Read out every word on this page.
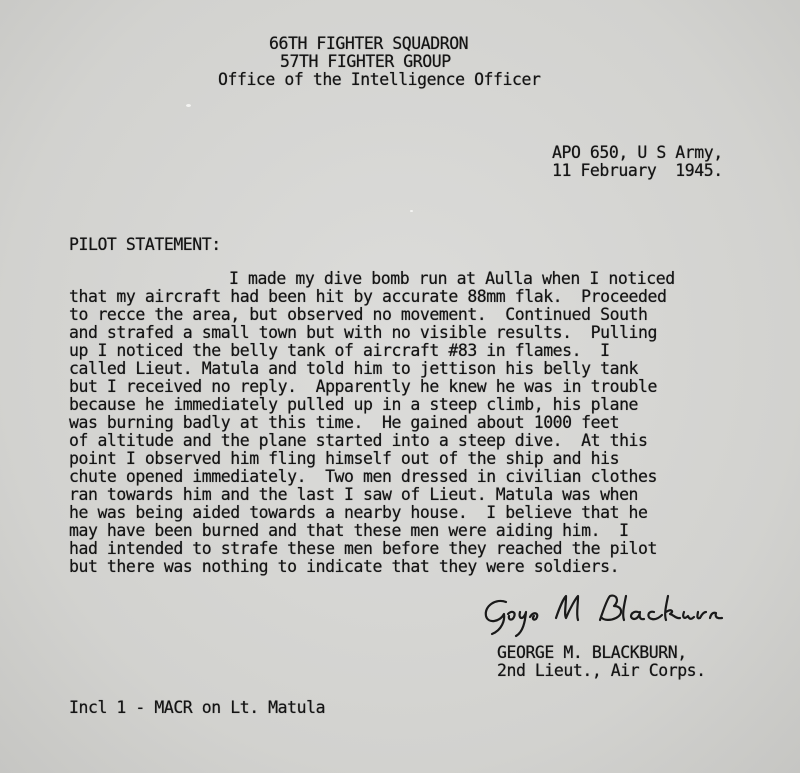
66TH FIGHTER SQUADRON
57TH FIGHTER GROUP
Office of the Intelligence Officer
APO 650, U S Army,
11 February  1945.
PILOT STATEMENT:
I made my dive bomb run at Aulla when I noticed
that my aircraft had been hit by accurate 88mm flak.  Proceeded
to recce the area, but observed no movement.  Continued South
and strafed a small town but with no visible results.  Pulling
up I noticed the belly tank of aircraft #83 in flames.  I
called Lieut. Matula and told him to jettison his belly tank
but I received no reply.  Apparently he knew he was in trouble
because he immediately pulled up in a steep climb, his plane
was burning badly at this time.  He gained about 1000 feet
of altitude and the plane started into a steep dive.  At this
point I observed him fling himself out of the ship and his
chute opened immediately.  Two men dressed in civilian clothes
ran towards him and the last I saw of Lieut. Matula was when
he was being aided towards a nearby house.  I believe that he
may have been burned and that these men were aiding him.  I
had intended to strafe these men before they reached the pilot
but there was nothing to indicate that they were soldiers.
GEORGE M. BLACKBURN,
2nd Lieut., Air Corps.
Incl 1 - MACR on Lt. Matula
